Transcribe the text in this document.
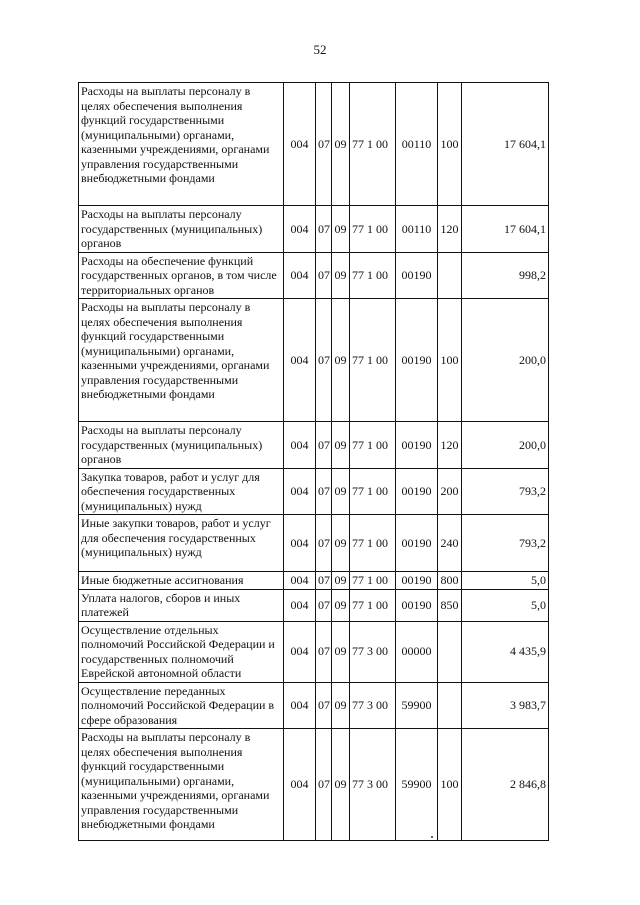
52
Расходы на выплаты персоналу в целях обеспечения выполнения функций государственными (муниципальными) органами, казенными учреждениями, органами управления государственными внебюджетными фондами	004	07	09	77 1 00	00110	100	17 604,1
Расходы на выплаты персоналу государственных (муниципальных) органов	004	07	09	77 1 00	00110	120	17 604,1
Расходы на обеспечение функций государственных органов, в том числе территориальных органов	004	07	09	77 1 00	00190		998,2
Расходы на выплаты персоналу в целях обеспечения выполнения функций государственными (муниципальными) органами, казенными учреждениями, органами управления государственными внебюджетными фондами	004	07	09	77 1 00	00190	100	200,0
Расходы на выплаты персоналу государственных (муниципальных) органов	004	07	09	77 1 00	00190	120	200,0
Закупка товаров, работ и услуг для обеспечения государственных (муниципальных) нужд	004	07	09	77 1 00	00190	200	793,2
Иные закупки товаров, работ и услуг для обеспечения государственных (муниципальных) нужд	004	07	09	77 1 00	00190	240	793,2
Иные бюджетные ассигнования	004	07	09	77 1 00	00190	800	5,0
Уплата налогов, сборов и иных платежей	004	07	09	77 1 00	00190	850	5,0
Осуществление отдельных полномочий Российской Федерации и государственных полномочий Еврейской автономной области	004	07	09	77 3 00	00000		4 435,9
Осуществление переданных полномочий Российской Федерации в сфере образования	004	07	09	77 3 00	59900		3 983,7
Расходы на выплаты персоналу в целях обеспечения выполнения функций государственными (муниципальными) органами, казенными учреждениями, органами управления государственными внебюджетными фондами	004	07	09	77 3 00	59900	100	2 846,8
